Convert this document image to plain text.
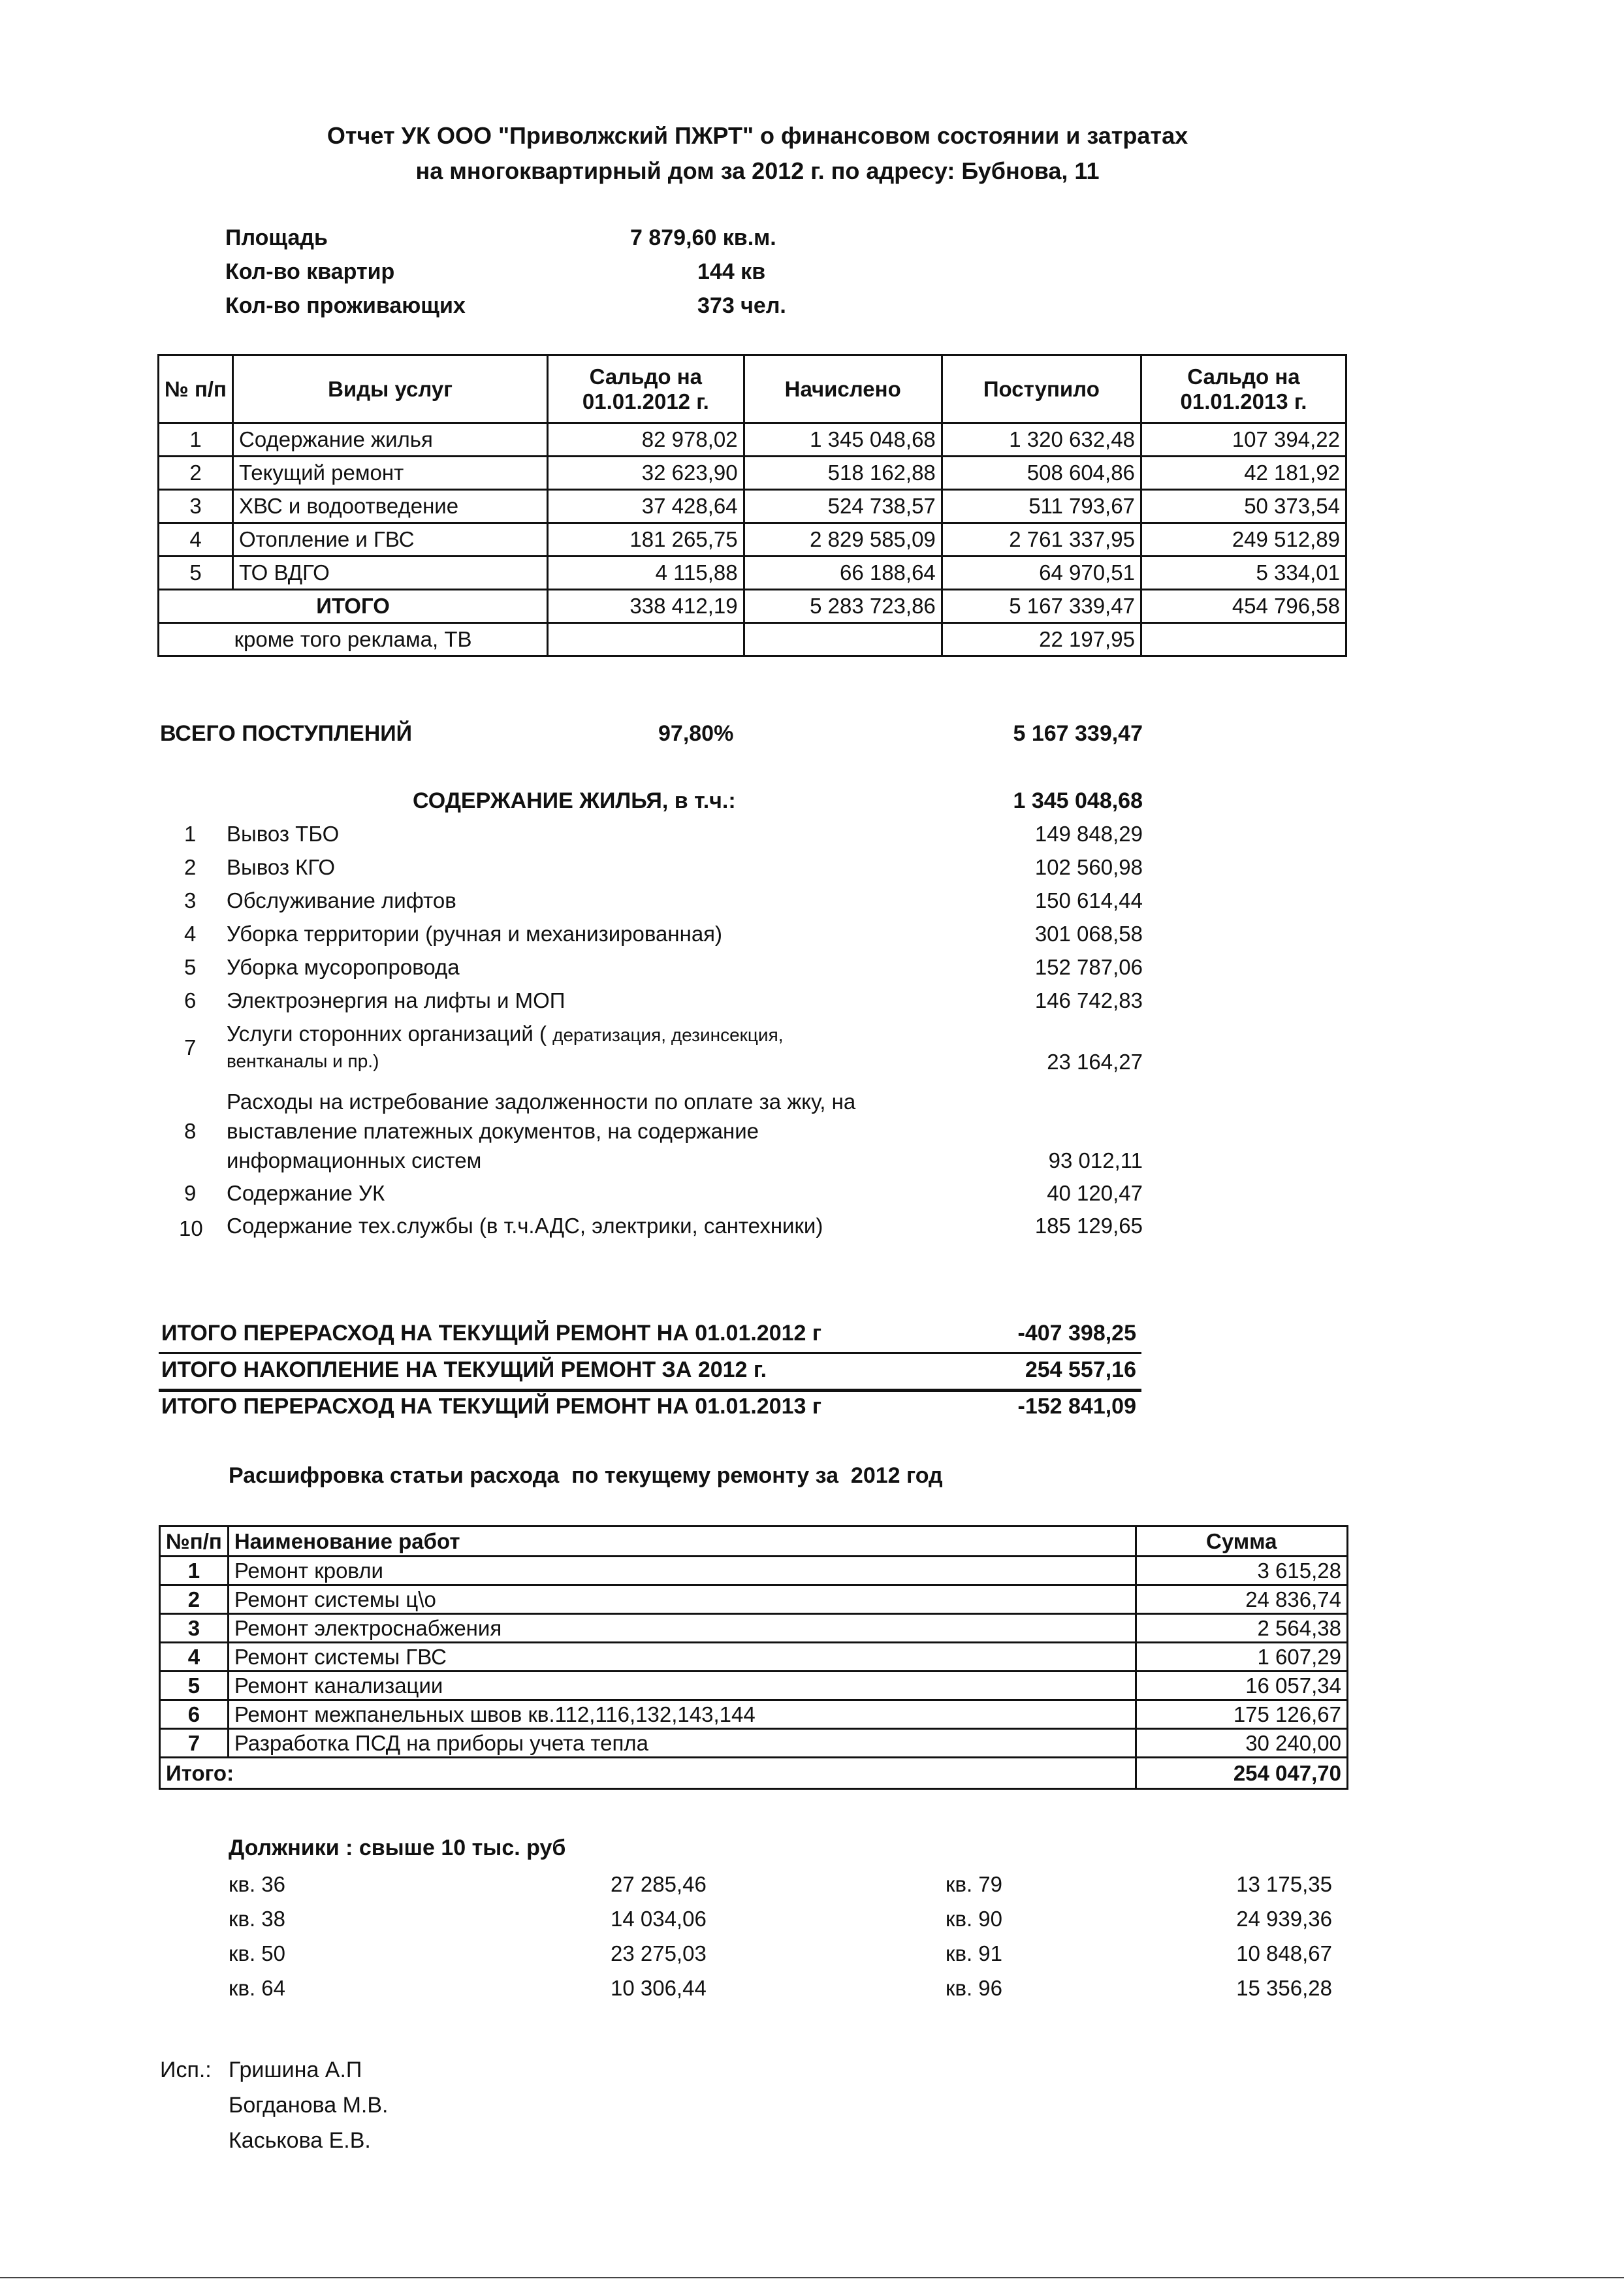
Отчет УК ООО "Приволжский ПЖРТ" о финансовом состоянии и затратах
на многоквартирный дом за 2012 г. по адресу: Бубнова, 11
Площадь	7 879,60 кв.м.
Кол-во квартир	144 кв
Кол-во проживающих	373 чел.
№ п/п	Виды услуг	Сальдо на 01.01.2012 г.	Начислено	Поступило	Сальдо на 01.01.2013 г.
1	Содержание жилья	82 978,02	1 345 048,68	1 320 632,48	107 394,22
2	Текущий ремонт	32 623,90	518 162,88	508 604,86	42 181,92
3	ХВС и водоотведение	37 428,64	524 738,57	511 793,67	50 373,54
4	Отопление и ГВС	181 265,75	2 829 585,09	2 761 337,95	249 512,89
5	ТО ВДГО	4 115,88	66 188,64	64 970,51	5 334,01
ИТОГО		338 412,19	5 283 723,86	5 167 339,47	454 796,58
кроме того реклама, ТВ				22 197,95	
ВСЕГО ПОСТУПЛЕНИЙ	97,80%	5 167 339,47
СОДЕРЖАНИЕ ЖИЛЬЯ, в т.ч.:	1 345 048,68
1 Вывоз ТБО	149 848,29
2 Вывоз КГО	102 560,98
3 Обслуживание лифтов	150 614,44
4 Уборка территории (ручная и механизированная)	301 068,58
5 Уборка мусоропровода	152 787,06
6 Электроэнергия на лифты и МОП	146 742,83
7
Услуги сторонних организаций ( дератизация, дезинсекция,
вентканалы и пр.)	23 164,27
8
Расходы на истребование задолженности по оплате за жку, на
выставление платежных документов, на содержание
информационных систем	93 012,11
9 Содержание УК	40 120,47
10 Содержание тех.службы (в т.ч.АДС, электрики, сантехники)	185 129,65
ИТОГО ПЕРЕРАСХОД НА ТЕКУЩИЙ РЕМОНТ НА 01.01.2012 г	-407 398,25
ИТОГО НАКОПЛЕНИЕ НА ТЕКУЩИЙ РЕМОНТ ЗА 2012 г.	254 557,16
ИТОГО ПЕРЕРАСХОД НА ТЕКУЩИЙ РЕМОНТ НА 01.01.2013 г	-152 841,09
Расшифровка статьи расхода  по текущему ремонту за  2012 год
№п/п	Наименование работ	Сумма
1	Ремонт кровли	3 615,28
2	Ремонт системы ц\о	24 836,74
3	Ремонт электроснабжения	2 564,38
4	Ремонт системы ГВС	1 607,29
5	Ремонт канализации	16 057,34
6	Ремонт межпанельных швов кв.112,116,132,143,144	175 126,67
7	Разработка ПСД на приборы учета тепла	30 240,00
Итого:		254 047,70
Должники : свыше 10 тыс. руб
кв. 36	27 285,46	кв. 79	13 175,35
кв. 38	14 034,06	кв. 90	24 939,36
кв. 50	23 275,03	кв. 91	10 848,67
кв. 64	10 306,44	кв. 96	15 356,28
Исп.: Гришина А.П
Богданова М.В.
Каськова Е.В.
